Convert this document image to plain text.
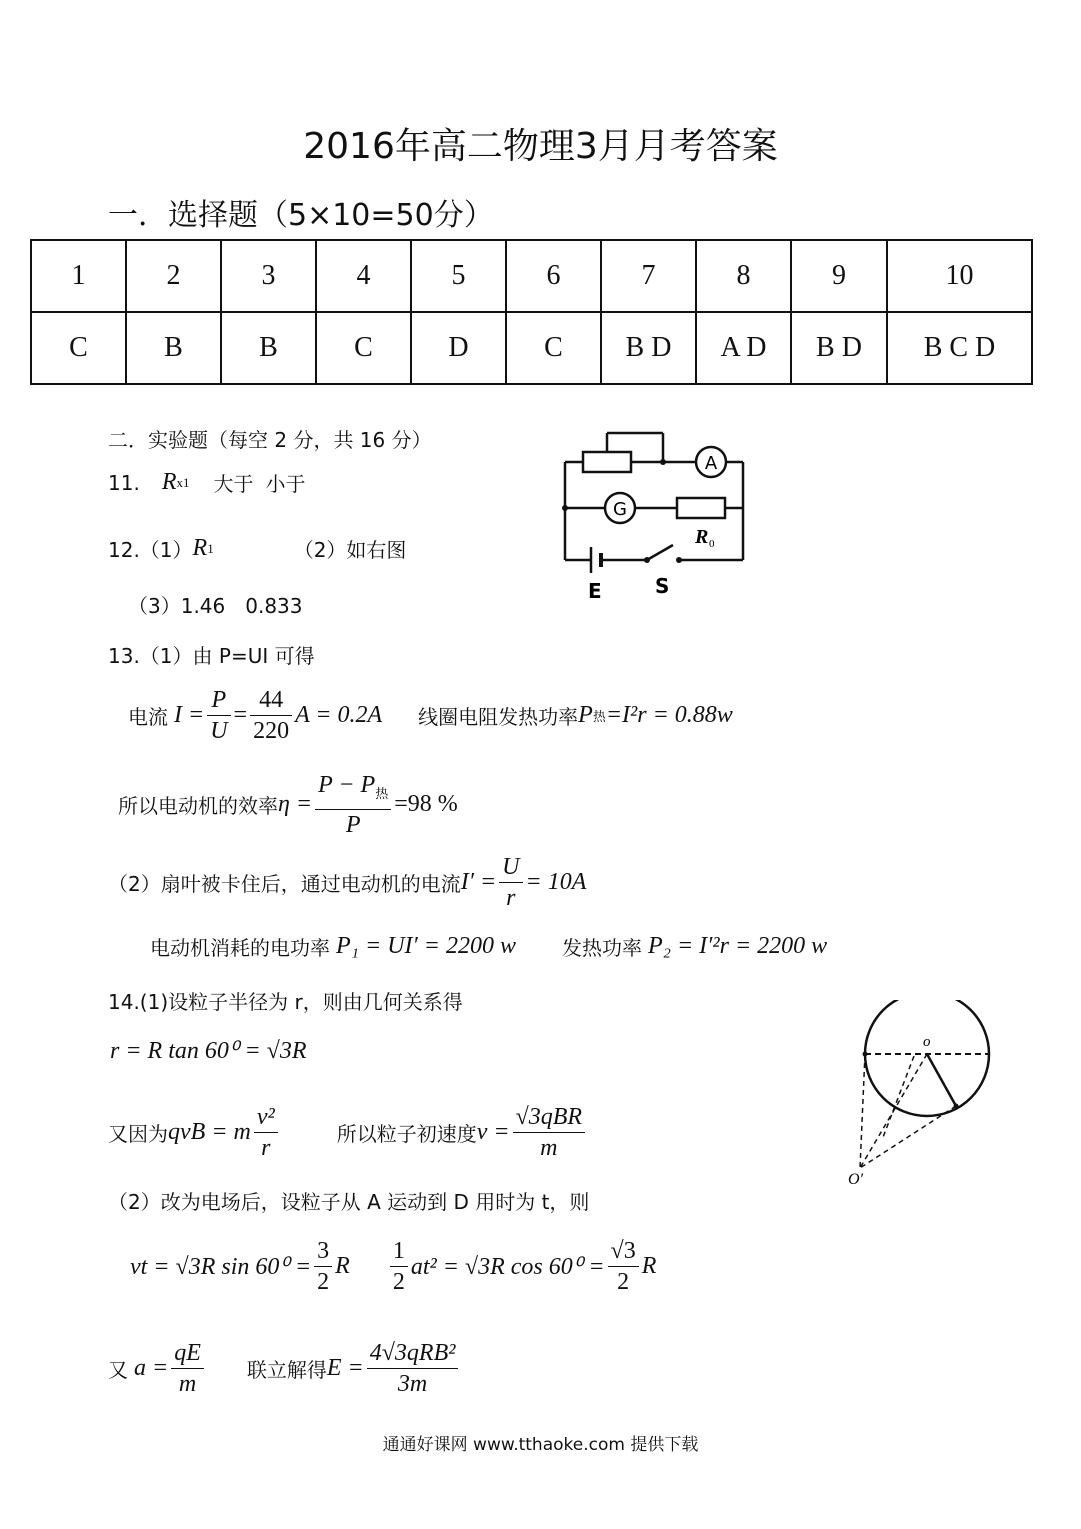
2016年高二物理3月月考答案
一．选择题（5×10=50分）
1	2	3	4	5	6	7	8	9	10
C	B	B	C	D	C	B D	A D	B D	B C D
二．实验题（每空 2 分，共 16 分）
11. R x1 大于 小于
12.（1） R 1	（2）如右图
（3）1.46　0.833
A
G
R 0
E	S
13.（1）由 P=UI 可得
电流 $I = \frac{P}{U} = \frac{44}{220}$ A = 0.2A 线圈电阻发热功率 P 热 =I²r = 0.88w
所以电动机的效率 $\eta = \frac{P - P_热}{P} =98$ %
（2）扇叶被卡住后，通过电动机的电流 $I' = \frac{U}{r} = 10A$
电动机消耗的电功率 P₁ = UI′ = 2200 w 发热功率 P₂ = I′²r = 2200 w
14.(1)设粒子半径为 r，则由几何关系得
r = R tan 60⁰ = √3R
又因为 qvB = m $\frac{\text{v²}}{r}$	所以粒子初速度 $v = \frac{\text{√3qBR}}{m}$
（2）改为电场后，设粒子从 A 运动到 D 用时为 t，则
vt = √3R $\sin 60^0 = \frac{3}{2}$ R $\frac{1}{2} at^2 = √3R$ $\cos 60^0 = \frac{√3}{2}$ R
又 $a = \frac{qE}{m}$ 联立解得 $E = \frac{\text{4√3qRB²}}{3m}$
o
O′
通通好课网 www.tthaoke.com 提供下载
